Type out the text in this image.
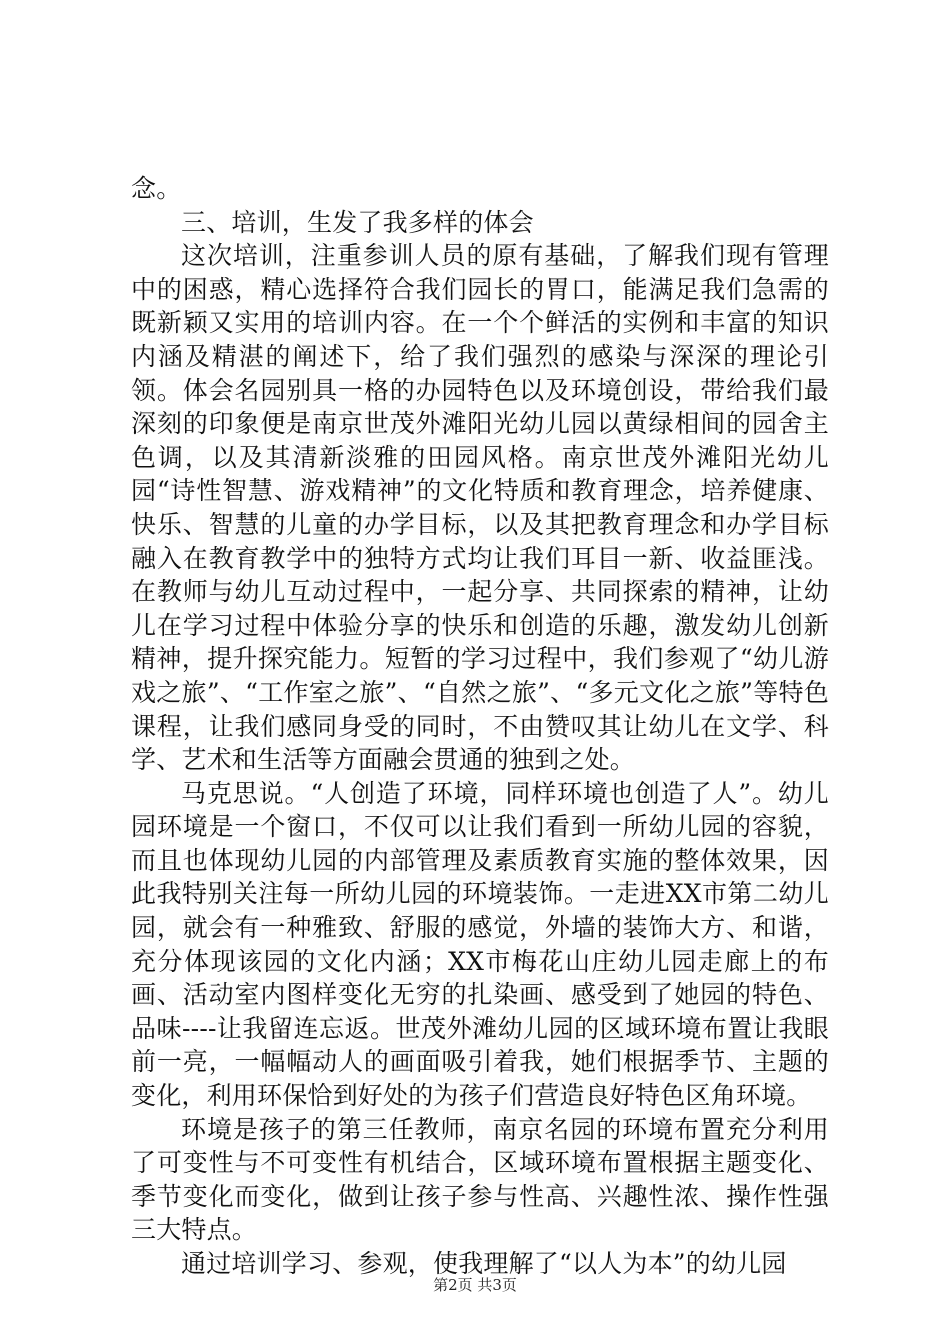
念。

三、培训，生发了我多样的体会

这次培训，注重参训人员的原有基础，了解我们现有管理中的困惑，精心选择符合我们园长的胃口，能满足我们急需的既新颖又实用的培训内容。在一个个鲜活的实例和丰富的知识内涵及精湛的阐述下，给了我们强烈的感染与深深的理论引领。体会名园别具一格的办园特色以及环境创设，带给我们最深刻的印象便是南京世茂外滩阳光幼儿园以黄绿相间的园舍主色调，以及其清新淡雅的田园风格。南京世茂外滩阳光幼儿园“诗性智慧、游戏精神”的文化特质和教育理念，培养健康、快乐、智慧的儿童的办学目标，以及其把教育理念和办学目标融入在教育教学中的独特方式均让我们耳目一新、收益匪浅。在教师与幼儿互动过程中，一起分享、共同探索的精神，让幼儿在学习过程中体验分享的快乐和创造的乐趣，激发幼儿创新精神，提升探究能力。短暂的学习过程中，我们参观了“幼儿游戏之旅”、“工作室之旅”、“自然之旅”、“多元文化之旅”等特色课程，让我们感同身受的同时，不由赞叹其让幼儿在文学、科学、艺术和生活等方面融会贯通的独到之处。

马克思说。“人创造了环境，同样环境也创造了人”。幼儿园环境是一个窗口，不仅可以让我们看到一所幼儿园的容貌，而且也体现幼儿园的内部管理及素质教育实施的整体效果，因此我特别关注每一所幼儿园的环境装饰。一走进XX市第二幼儿园，就会有一种雅致、舒服的感觉，外墙的装饰大方、和谐，充分体现该园的文化内涵；XX市梅花山庄幼儿园走廊上的布画、活动室内图样变化无穷的扎染画、感受到了她园的特色、品味----让我留连忘返。世茂外滩幼儿园的区域环境布置让我眼前一亮，一幅幅动人的画面吸引着我，她们根据季节、主题的变化，利用环保恰到好处的为孩子们营造良好特色区角环境。

环境是孩子的第三任教师，南京名园的环境布置充分利用了可变性与不可变性有机结合，区域环境布置根据主题变化、季节变化而变化，做到让孩子参与性高、兴趣性浓、操作性强三大特点。

通过培训学习、参观，使我理解了“以人为本”的幼儿园

第2页 共3页
